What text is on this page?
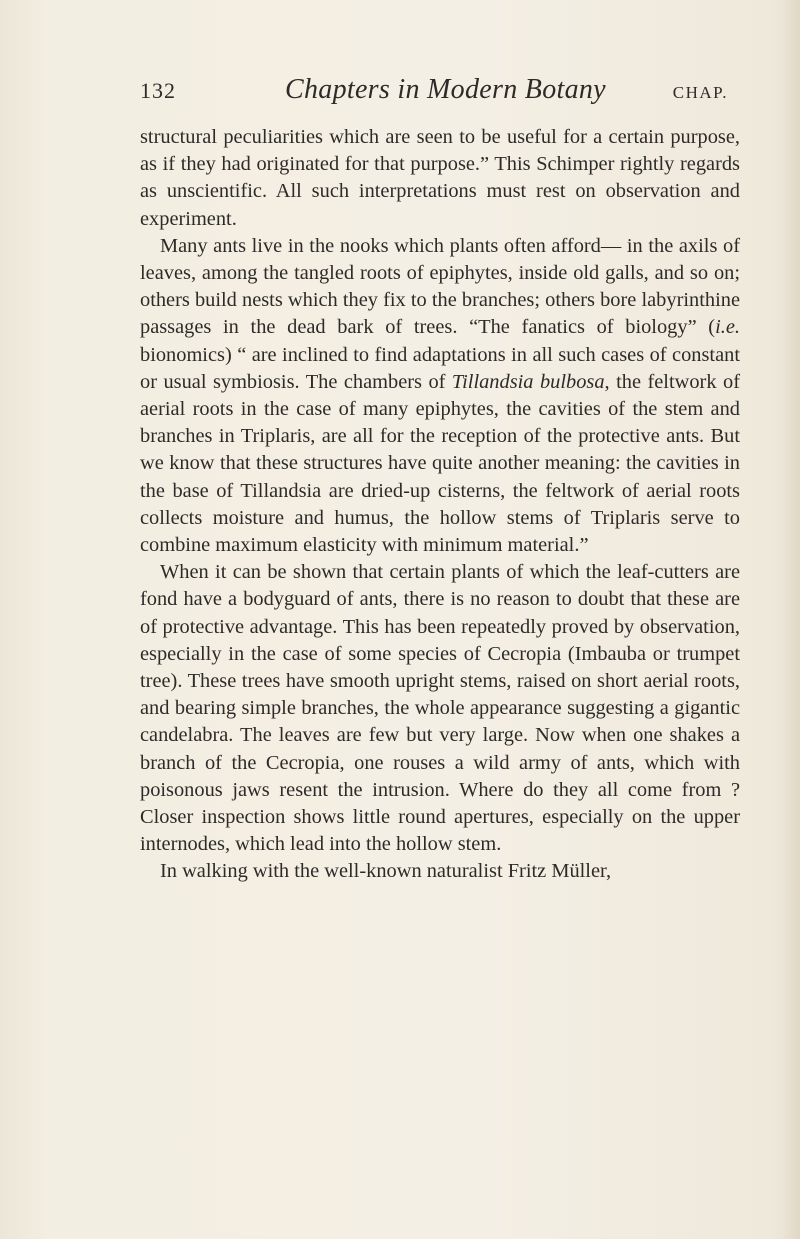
132	Chapters in Modern Botany	CHAP.

structural peculiarities which are seen to be useful for a certain purpose, as if they had originated for that purpose.” This Schimper rightly regards as unscientific. All such interpretations must rest on observation and experiment.

Many ants live in the nooks which plants often afford— in the axils of leaves, among the tangled roots of epiphytes, inside old galls, and so on; others build nests which they fix to the branches; others bore labyrinthine passages in the dead bark of trees. “The fanatics of biology” (i.e. bionomics) “ are inclined to find adaptations in all such cases of constant or usual symbiosis. The chambers of Tillandsia bulbosa, the feltwork of aerial roots in the case of many epiphytes, the cavities of the stem and branches in Triplaris, are all for the reception of the protective ants. But we know that these structures have quite another meaning: the cavities in the base of Tillandsia are dried-up cisterns, the feltwork of aerial roots collects moisture and humus, the hollow stems of Triplaris serve to combine maximum elasticity with minimum material.”

When it can be shown that certain plants of which the leaf-cutters are fond have a bodyguard of ants, there is no reason to doubt that these are of protective advantage. This has been repeatedly proved by observation, especially in the case of some species of Cecropia (Imbauba or trumpet tree). These trees have smooth upright stems, raised on short aerial roots, and bearing simple branches, the whole appearance suggesting a gigantic candelabra. The leaves are few but very large. Now when one shakes a branch of the Cecropia, one rouses a wild army of ants, which with poisonous jaws resent the intrusion. Where do they all come from ? Closer inspection shows little round apertures, especially on the upper internodes, which lead into the hollow stem.

In walking with the well-known naturalist Fritz Müller,
